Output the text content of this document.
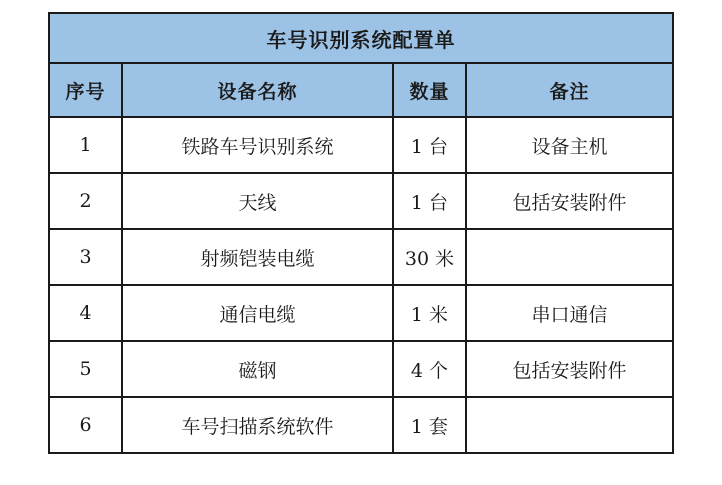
车号识别系统配置单			
序号	设备名称	数量	备注
1	铁路车号识别系统	1 台	设备主机
2	天线	1 台	包括安装附件
3	射频铠装电缆	30 米	
4	通信电缆	1 米	串口通信
5	磁钢	4 个	包括安装附件
6	车号扫描系统软件	1 套	
